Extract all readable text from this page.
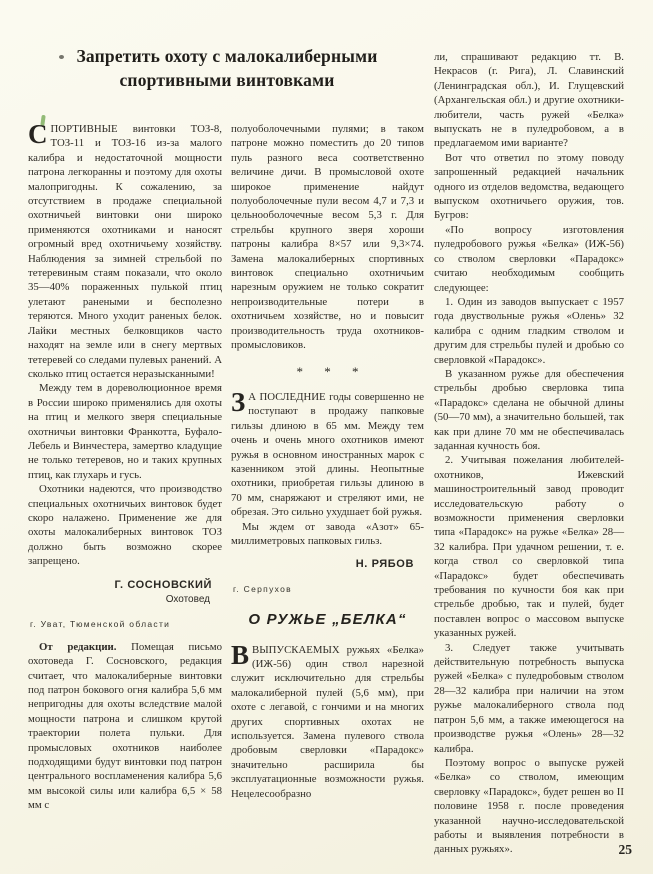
Запретить охоту с малокалиберными спортивными винтовками

СПОРТИВНЫЕ винтовки ТОЗ-8, ТОЗ-11 и ТОЗ-16 из-за малого калибра и недостаточной мощности патрона легкоранны и поэтому для охоты малопригодны. К сожалению, за отсутствием в продаже специальной охотничьей винтовки они широко применяются охотниками и наносят огромный вред охотничьему хозяйству. Наблюдения за зимней стрельбой по тетеревиным стаям показали, что около 35—40% пораженных пулькой птиц улетают ранеными и бесполезно теряются. Много уходит раненых белок. Лайки местных белковщиков часто находят на земле или в снегу мертвых тетеревей со следами пулевых ранений. А сколько птиц остается неразысканными!

Между тем в дореволюционное время в России широко применялись для охоты на птиц и мелкого зверя специальные охотничьи винтовки Франкотта, Буфало-Лебель и Винчестера, замертво кладущие не только тетеревов, но и таких крупных птиц, как глухарь и гусь.

Охотники надеются, что производство специальных охотничьих винтовок будет скоро налажено. Применение же для охоты малокалиберных винтовок ТОЗ должно быть возможно скорее запрещено.

Г. СОСНОВСКИЙ

Охотовед

г. Уват, Тюменской области

От редакции. Помещая письмо охотоведа Г. Сосновского, редакция считает, что малокалиберные винтовки под патрон бокового огня калибра 5,6 мм непригодны для охоты вследствие малой мощности патрона и слишком крутой траектории полета пульки. Для промысловых охотников наиболее подходящими будут винтовки под патрон центрального воспламенения калибра 5,6 мм высокой силы или калибра 6,5 × 58 мм с

полуоболочечными пулями; в таком патроне можно поместить до 20 типов пуль разного веса соответственно величине дичи. В промысловой охоте широкое применение найдут полуоболочечные пули весом 4,7 и 7,3 и цельнооболочечные весом 5,3 г. Для стрельбы крупного зверя хороши патроны калибра 8×57 или 9,3×74. Замена малокалиберных спортивных винтовок специально охотничьим нарезным оружием не только сократит непроизводительные потери в охотничьем хозяйстве, но и повысит производительность труда охотников-промысловиков.

* * *

З А ПОСЛЕДНИЕ годы совершенно не поступают в продажу папковые гильзы длиною в 65 мм. Между тем очень и очень много охотников имеют ружья в основном иностранных марок с казенником этой длины. Неопытные охотники, приобретая гильзы длиною в 70 мм, снаряжают и стреляют ими, не обрезая. Это сильно ухудшает бой ружья.

Мы ждем от завода «Азот» 65-миллиметровых папковых гильз.

Н. РЯБОВ

г. Серпухов

О РУЖЬЕ „БЕЛКА“

ВВЫПУСКАЕМЫХ ружьях «Белка» (ИЖ-56) один ствол нарезной служит исключительно для стрельбы малокалиберной пулей (5,6 мм), при охоте с легавой, с гончими и на многих других спортивных охотах не используется. Замена пулевого ствола дробовым сверловки «Парадокс» значительно расширила бы эксплуатационные возможности ружья. Нецелесообразно

ли, спрашивают редакцию тт. В. Некрасов (г. Рига), Л. Славинский (Ленинградская обл.), И. Глущевский (Архангельская обл.) и другие охотники-любители, часть ружей «Белка» выпускать не в пуледробовом, а в предлагаемом ими варианте?

Вот что ответил по этому поводу запрошенный редакцией начальник одного из отделов ведомства, ведающего выпуском охотничьего оружия, тов. Бугров:

«По вопросу изготовления пуледробового ружья «Белка» (ИЖ-56) со стволом сверловки «Парадокс» считаю необходимым сообщить следующее:

1. Один из заводов выпускает с 1957 года двуствольные ружья «Олень» 32 калибра с одним гладким стволом и другим для стрельбы пулей и дробью со сверловкой «Парадокс».

В указанном ружье для обеспечения стрельбы дробью сверловка типа «Парадокс» сделана не обычной длины (50—70 мм), а значительно большей, так как при длине 70 мм не обеспечивалась заданная кучность боя.

2. Учитывая пожелания любителей-охотников, Ижевский машиностроительный завод проводит исследовательскую работу о возможности применения сверловки типа «Парадокс» на ружье «Белка» 28—32 калибра. При удачном решении, т. е. когда ствол со сверловкой типа «Парадокс» будет обеспечивать требования по кучности боя как при стрельбе дробью, так и пулей, будет поставлен вопрос о массовом выпуске указанных ружей.

3. Следует также учитывать действительную потребность выпуска ружей «Белка» с пуледробовым стволом 28—32 калибра при наличии на этом ружье малокалиберного ствола под патрон 5,6 мм, а также имеющегося на производстве ружья «Олень» 28—32 калибра.

Поэтому вопрос о выпуске ружей «Белка» со стволом, имеющим сверловку «Парадокс», будет решен во II половине 1958 г. после проведения указанной научно-исследовательской работы и выявления потребности в данных ружьях».	25
